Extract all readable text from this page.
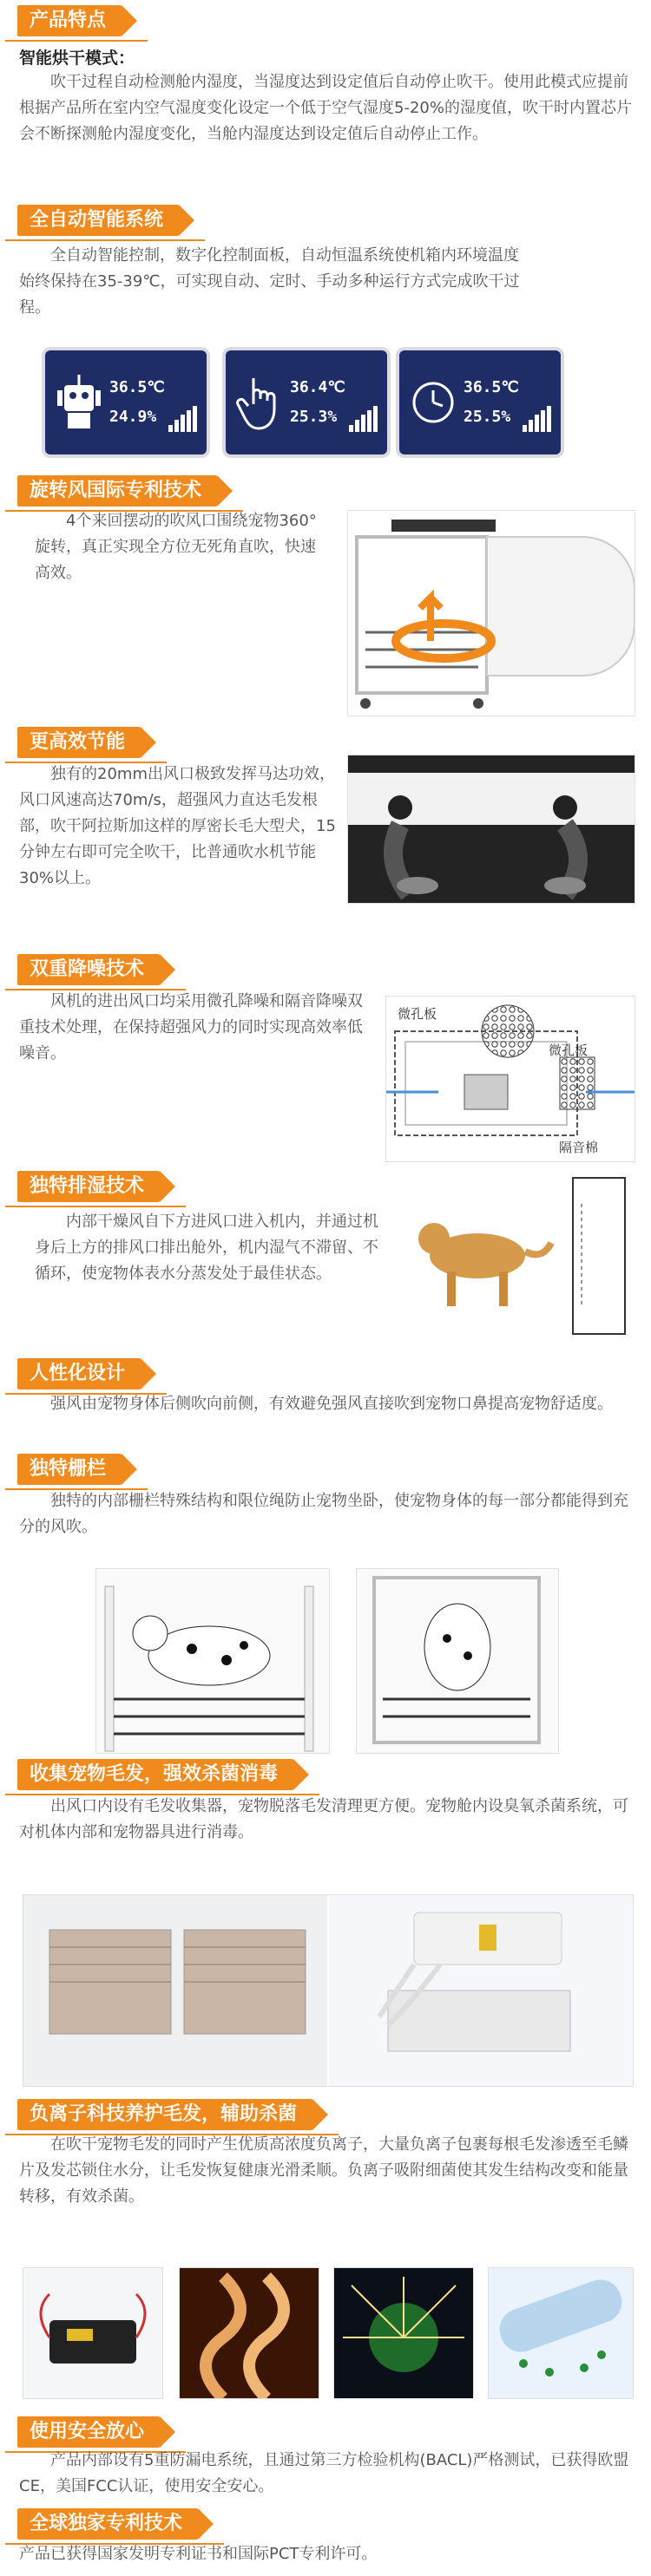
产品特点
智能烘干模式：
吹干过程自动检测舱内湿度，当湿度达到设定值后自动停止吹干。使用此模式应提前根据产品所在室内空气湿度变化设定一个低于空气湿度5-20%的湿度值，吹干时内置芯片会不断探测舱内湿度变化，当舱内湿度达到设定值后自动停止工作。
全自动智能系统
全自动智能控制，数字化控制面板，自动恒温系统使机箱内环境温度始终保持在35-39℃，可实现自动、定时、手动多种运行方式完成吹干过程。
36.5℃
24.9%
36.4℃
25.3%
36.5℃
25.5%
旋转风国际专利技术
4个来回摆动的吹风口围绕宠物360°旋转，真正实现全方位无死角直吹，快速高效。
更高效节能
独有的20mm出风口极致发挥马达功效，风口风速高达70m/s，超强风力直达毛发根部，吹干阿拉斯加这样的厚密长毛大型犬，15分钟左右即可完全吹干，比普通吹水机节能30%以上。
双重降噪技术
风机的进出风口均采用微孔降噪和隔音降噪双重技术处理，在保持超强风力的同时实现高效率低噪音。
微孔板
微孔板
隔音棉
独特排湿技术
内部干燥风自下方进风口进入机内，并通过机身后上方的排风口排出舱外，机内湿气不滞留、不循环，使宠物体表水分蒸发处于最佳状态。
人性化设计
强风由宠物身体后侧吹向前侧，有效避免强风直接吹到宠物口鼻提高宠物舒适度。
独特栅栏
独特的内部栅栏特殊结构和限位绳防止宠物坐卧，使宠物身体的每一部分都能得到充分的风吹。
收集宠物毛发，强效杀菌消毒
出风口内设有毛发收集器，宠物脱落毛发清理更方便。宠物舱内设臭氧杀菌系统，可对机体内部和宠物器具进行消毒。
负离子科技养护毛发，辅助杀菌
在吹干宠物毛发的同时产生优质高浓度负离子，大量负离子包裹每根毛发渗透至毛鳞片及发芯锁住水分，让毛发恢复健康光滑柔顺。负离子吸附细菌使其发生结构改变和能量转移，有效杀菌。
使用安全放心
产品内部设有5重防漏电系统，且通过第三方检验机构(BACL)严格测试，已获得欧盟CE，美国FCC认证，使用安全安心。
全球独家专利技术
产品已获得国家发明专利证书和国际PCT专利许可。
